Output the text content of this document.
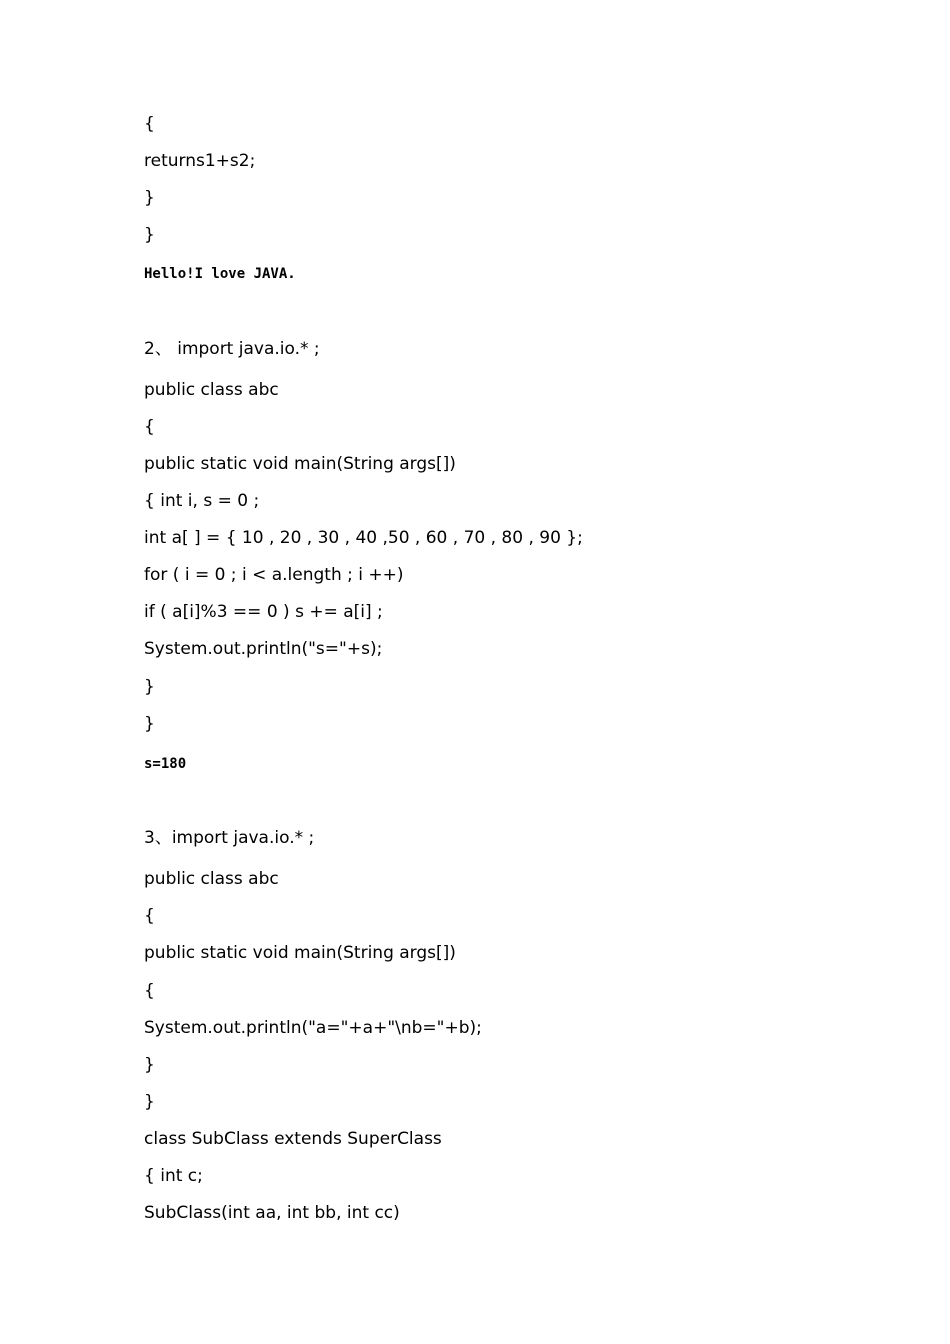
{
returns1+s2;
}
}
Hello!I love JAVA.
2、 import java.io.* ;
public class abc
{
public static void main(String args[])
{ int i, s = 0 ;
int a[ ] = { 10 , 20 , 30 , 40 ,50 , 60 , 70 , 80 , 90 };
for ( i = 0 ; i < a.length ; i ++)
if ( a[i]%3 == 0 ) s += a[i] ;
System.out.println("s="+s);
}
}
s=180
3、import java.io.* ;
public class abc
{
public static void main(String args[])
{
System.out.println("a="+a+"\nb="+b);
}
}
class SubClass extends SuperClass
{ int c;
SubClass(int aa, int bb, int cc)
